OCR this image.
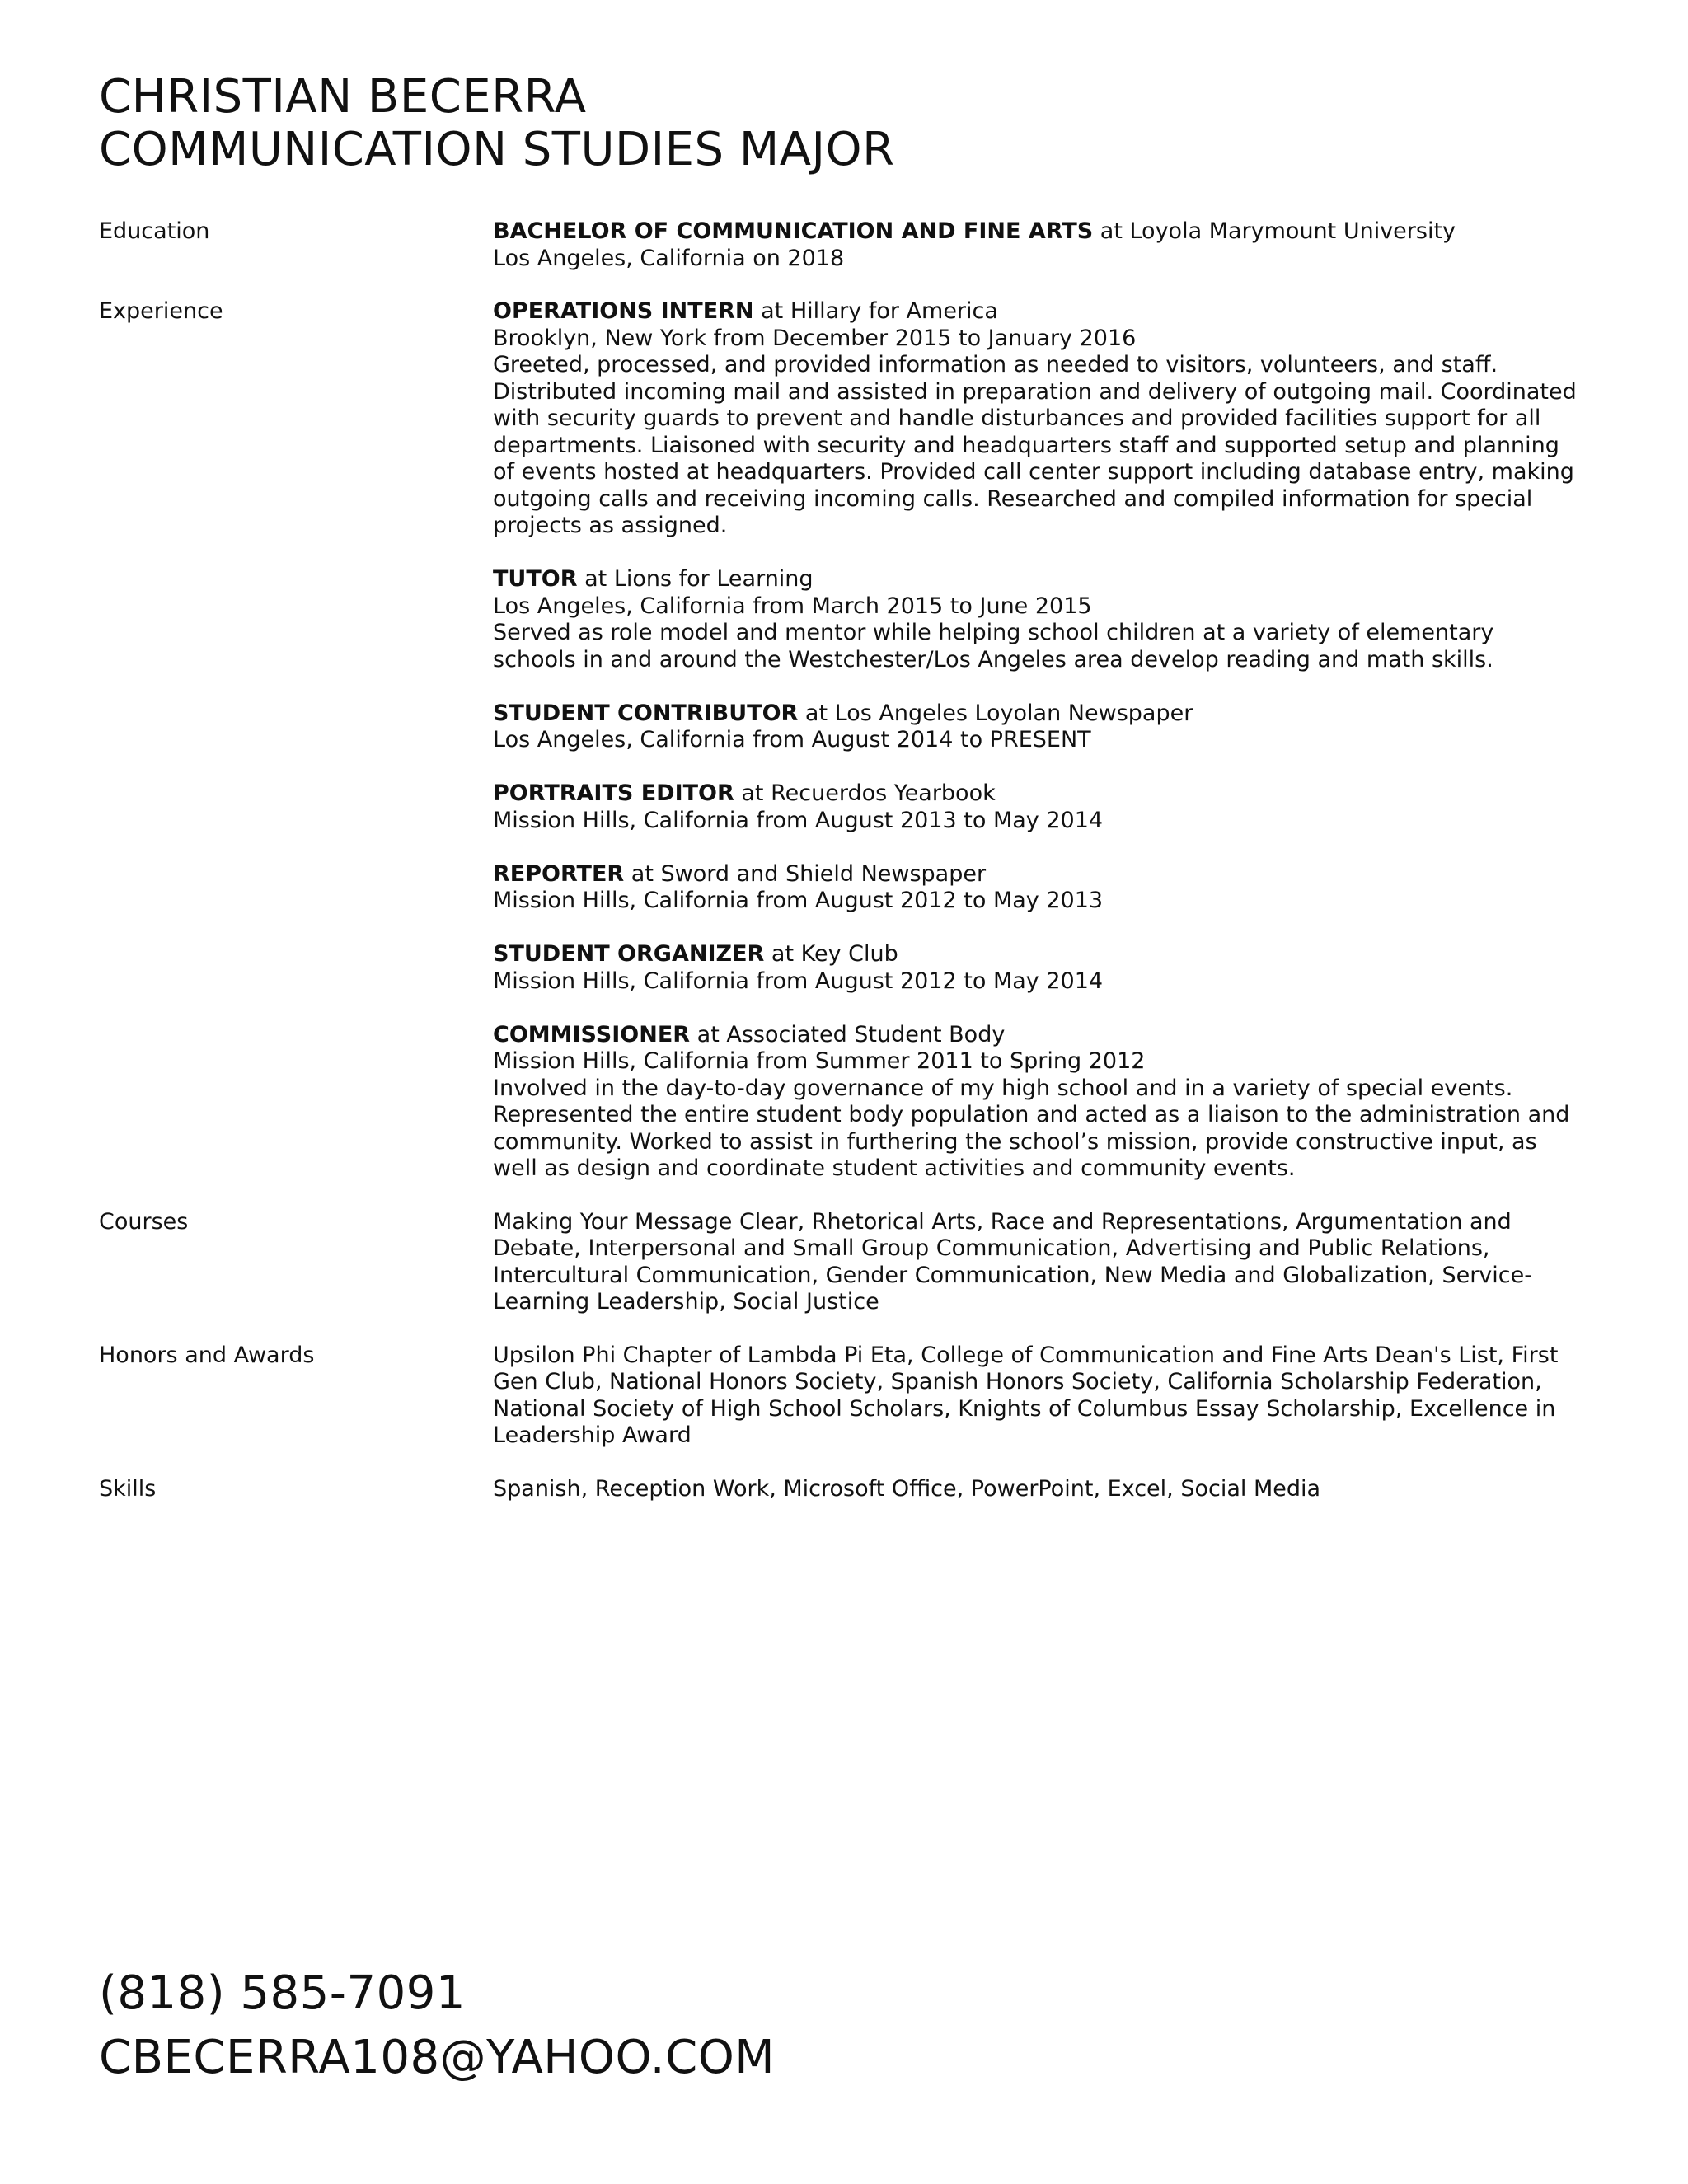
CHRISTIAN BECERRA

COMMUNICATION STUDIES MAJOR

Education	BACHELOR OF COMMUNICATION AND FINE ARTS at Loyola Marymount University

Los Angeles, California on 2018

Experience	OPERATIONS INTERN at Hillary for America

Brooklyn, New York from December 2015 to January 2016

Greeted, processed, and provided information as needed to visitors, volunteers, and staff. Distributed incoming mail and assisted in preparation and delivery of outgoing mail. Coordinated with security guards to prevent and handle disturbances and provided facilities support for all departments. Liaisoned with security and headquarters staff and supported setup and planning of events hosted at headquarters. Provided call center support including database entry, making outgoing calls and receiving incoming calls. Researched and compiled information for special projects as assigned.

TUTOR at Lions for Learning

Los Angeles, California from March 2015 to June 2015

Served as role model and mentor while helping school children at a variety of elementary schools in and around the Westchester/Los Angeles area develop reading and math skills.

STUDENT CONTRIBUTOR at Los Angeles Loyolan Newspaper

Los Angeles, California from August 2014 to PRESENT

PORTRAITS EDITOR at Recuerdos Yearbook

Mission Hills, California from August 2013 to May 2014

REPORTER at Sword and Shield Newspaper

Mission Hills, California from August 2012 to May 2013

STUDENT ORGANIZER at Key Club

Mission Hills, California from August 2012 to May 2014

COMMISSIONER at Associated Student Body

Mission Hills, California from Summer 2011 to Spring 2012

Involved in the day-to-day governance of my high school and in a variety of special events. Represented the entire student body population and acted as a liaison to the administration and community. Worked to assist in furthering the school’s mission, provide constructive input, as well as design and coordinate student activities and community events.

Courses	Making Your Message Clear, Rhetorical Arts, Race and Representations, Argumentation and Debate, Interpersonal and Small Group Communication, Advertising and Public Relations, Intercultural Communication, Gender Communication, New Media and Globalization, Service-Learning Leadership, Social Justice

Honors and Awards	Upsilon Phi Chapter of Lambda Pi Eta, College of Communication and Fine Arts Dean's List, First Gen Club, National Honors Society, Spanish Honors Society, California Scholarship Federation, National Society of High School Scholars, Knights of Columbus Essay Scholarship, Excellence in Leadership Award

Skills	Spanish, Reception Work, Microsoft Office, PowerPoint, Excel, Social Media

(818) 585-7091

CBECERRA108@YAHOO.COM
